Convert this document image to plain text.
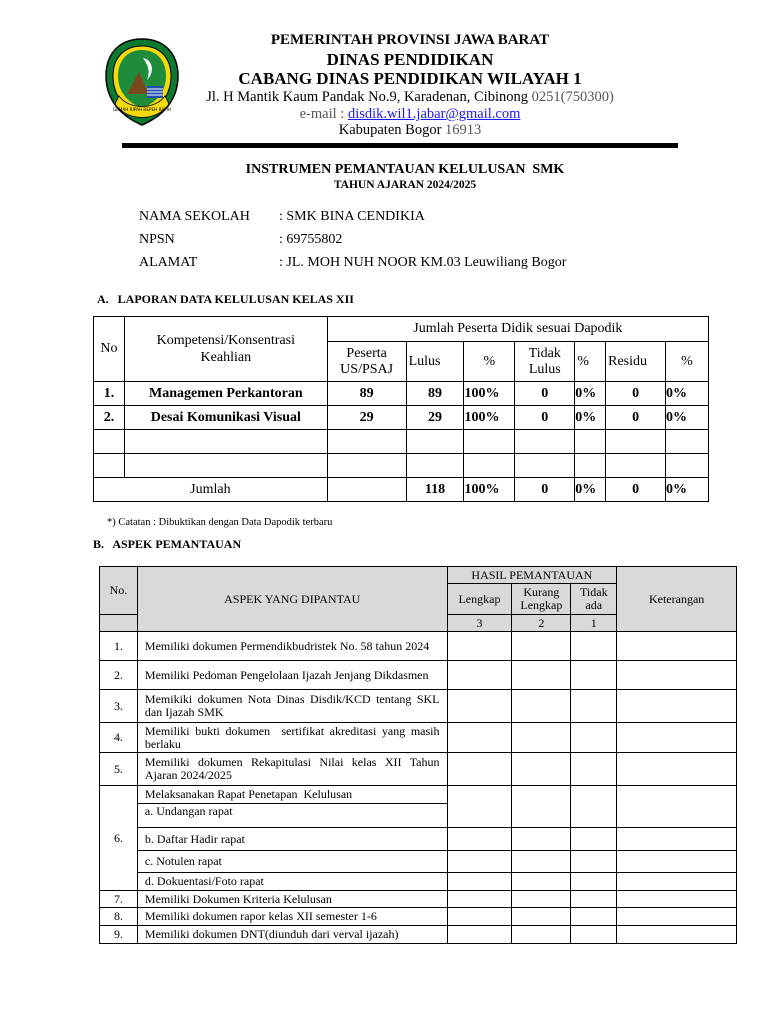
GEMAH RIPAH REPEH RAPIH
PEMERINTAH PROVINSI JAWA BARAT
DINAS PENDIDIKAN
CABANG DINAS PENDIDIKAN WILAYAH 1
Jl. H Mantik Kaum Pandak No.9, Karadenan, Cibinong 0251(750300)
e-mail : disdik.wil1.jabar@gmail.com
Kabupaten Bogor 16913
INSTRUMEN PEMANTAUAN KELULUSAN  SMK
TAHUN AJARAN 2024/2025
NAMA SEKOLAH : SMK BINA CENDIKIA
NPSN	: 69755802
ALAMAT	: JL. MOH NUH NOOR KM.03 Leuwiliang Bogor
A.   LAPORAN DATA KELULUSAN KELAS XII
No	Kompetensi/Konsentrasi Keahlian	Jumlah Peserta Didik sesuai Dapodik						
		Peserta US/PSAJ	Lulus	%	Tidak Lulus	%	Residu	%
1.	Managemen Perkantoran	89	89	100%	0	0%	0	0%
2.	Desai Komunikasi Visual	29	29	100%	0	0%	0	0%

Jumlah			118	100%	0	0%	0	0%
*) Catatan : Dibuktikan dengan Data Dapodik terbaru
B.   ASPEK PEMANTAUAN
No.	ASPEK YANG DIPANTAU	HASIL PEMANTAUAN			Keterangan
		Lengkap	Kurang Lengkap	Tidak ada	
		3	2	1	
1.	Memiliki dokumen Permendikbudristek No. 58 tahun 2024				
2.	Memiliki Pedoman Pengelolaan Ijazah Jenjang Dikdasmen				
3.	Memikiki dokumen Nota Dinas Disdik/KCD tentang SKL dan Ijazah SMK				
4.	Memiliki bukti dokumen  sertifikat akreditasi yang masih berlaku				
5.	Memiliki dokumen Rekapitulasi Nilai kelas XII Tahun Ajaran 2024/2025				
6.	Melaksanakan Rapat Penetapan  Kelulusan				
	a. Undangan rapat				
	b. Daftar Hadir rapat				
	c. Notulen rapat				
	d. Dokuentasi/Foto rapat				
7.	Memiliki Dokumen Kriteria Kelulusan				
8.	Memiliki dokumen rapor kelas XII semester 1-6				
9.	Memiliki dokumen DNT(diunduh dari verval ijazah)				
